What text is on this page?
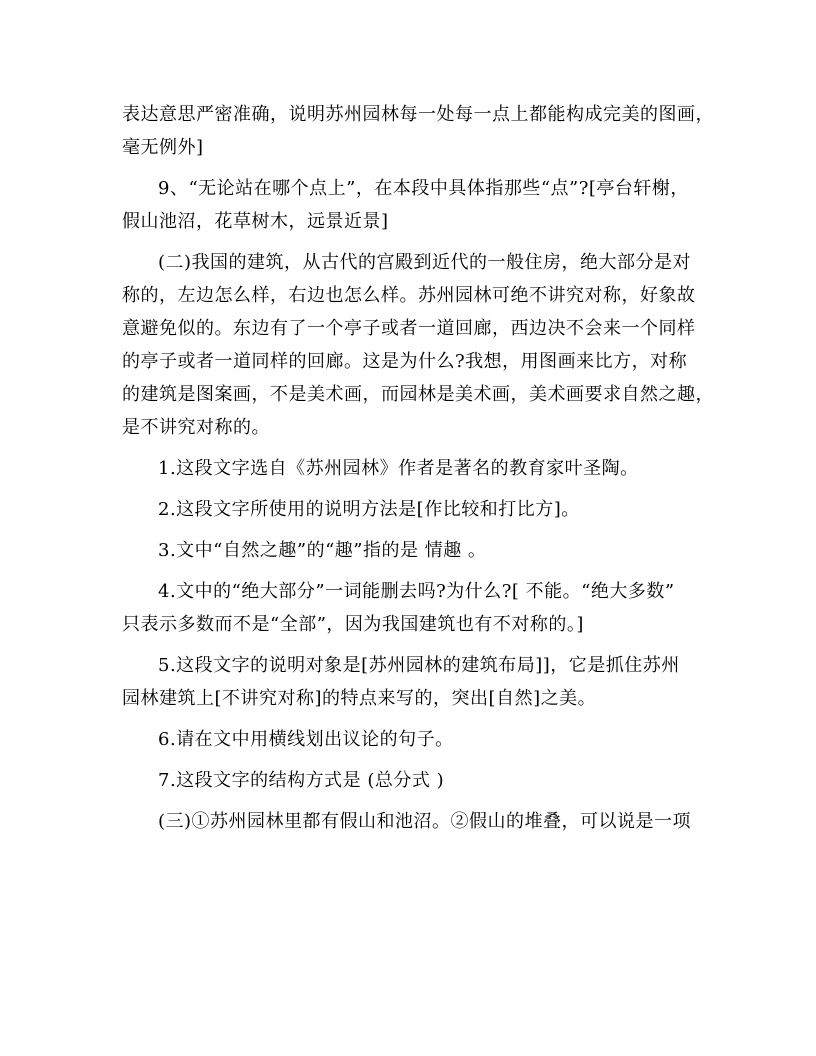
表达意思严密准确，说明苏州园林每一处每一点上都能构成完美的图画，
毫无例外]

9、“无论站在哪个点上”，在本段中具体指那些“点”?[亭台轩榭，
假山池沼，花草树木，远景近景]

(二)我国的建筑，从古代的宫殿到近代的一般住房，绝大部分是对
称的，左边怎么样，右边也怎么样。苏州园林可绝不讲究对称，好象故
意避免似的。东边有了一个亭子或者一道回廊，西边决不会来一个同样
的亭子或者一道同样的回廊。这是为什么?我想，用图画来比方，对称
的建筑是图案画，不是美术画，而园林是美术画，美术画要求自然之趣，
是不讲究对称的。

1.这段文字选自《苏州园林》作者是著名的教育家叶圣陶。

2.这段文字所使用的说明方法是[作比较和打比方]。

3.文中“自然之趣”的“趣”指的是 情趣 。

4.文中的“绝大部分”一词能删去吗?为什么?[ 不能。“绝大多数”
只表示多数而不是“全部”，因为我国建筑也有不对称的。]

5.这段文字的说明对象是[苏州园林的建筑布局]]，它是抓住苏州
园林建筑上[不讲究对称]的特点来写的，突出[自然]之美。

6.请在文中用横线划出议论的句子。

7.这段文字的结构方式是 (总分式 )

(三)①苏州园林里都有假山和池沼。②假山的堆叠，可以说是一项
